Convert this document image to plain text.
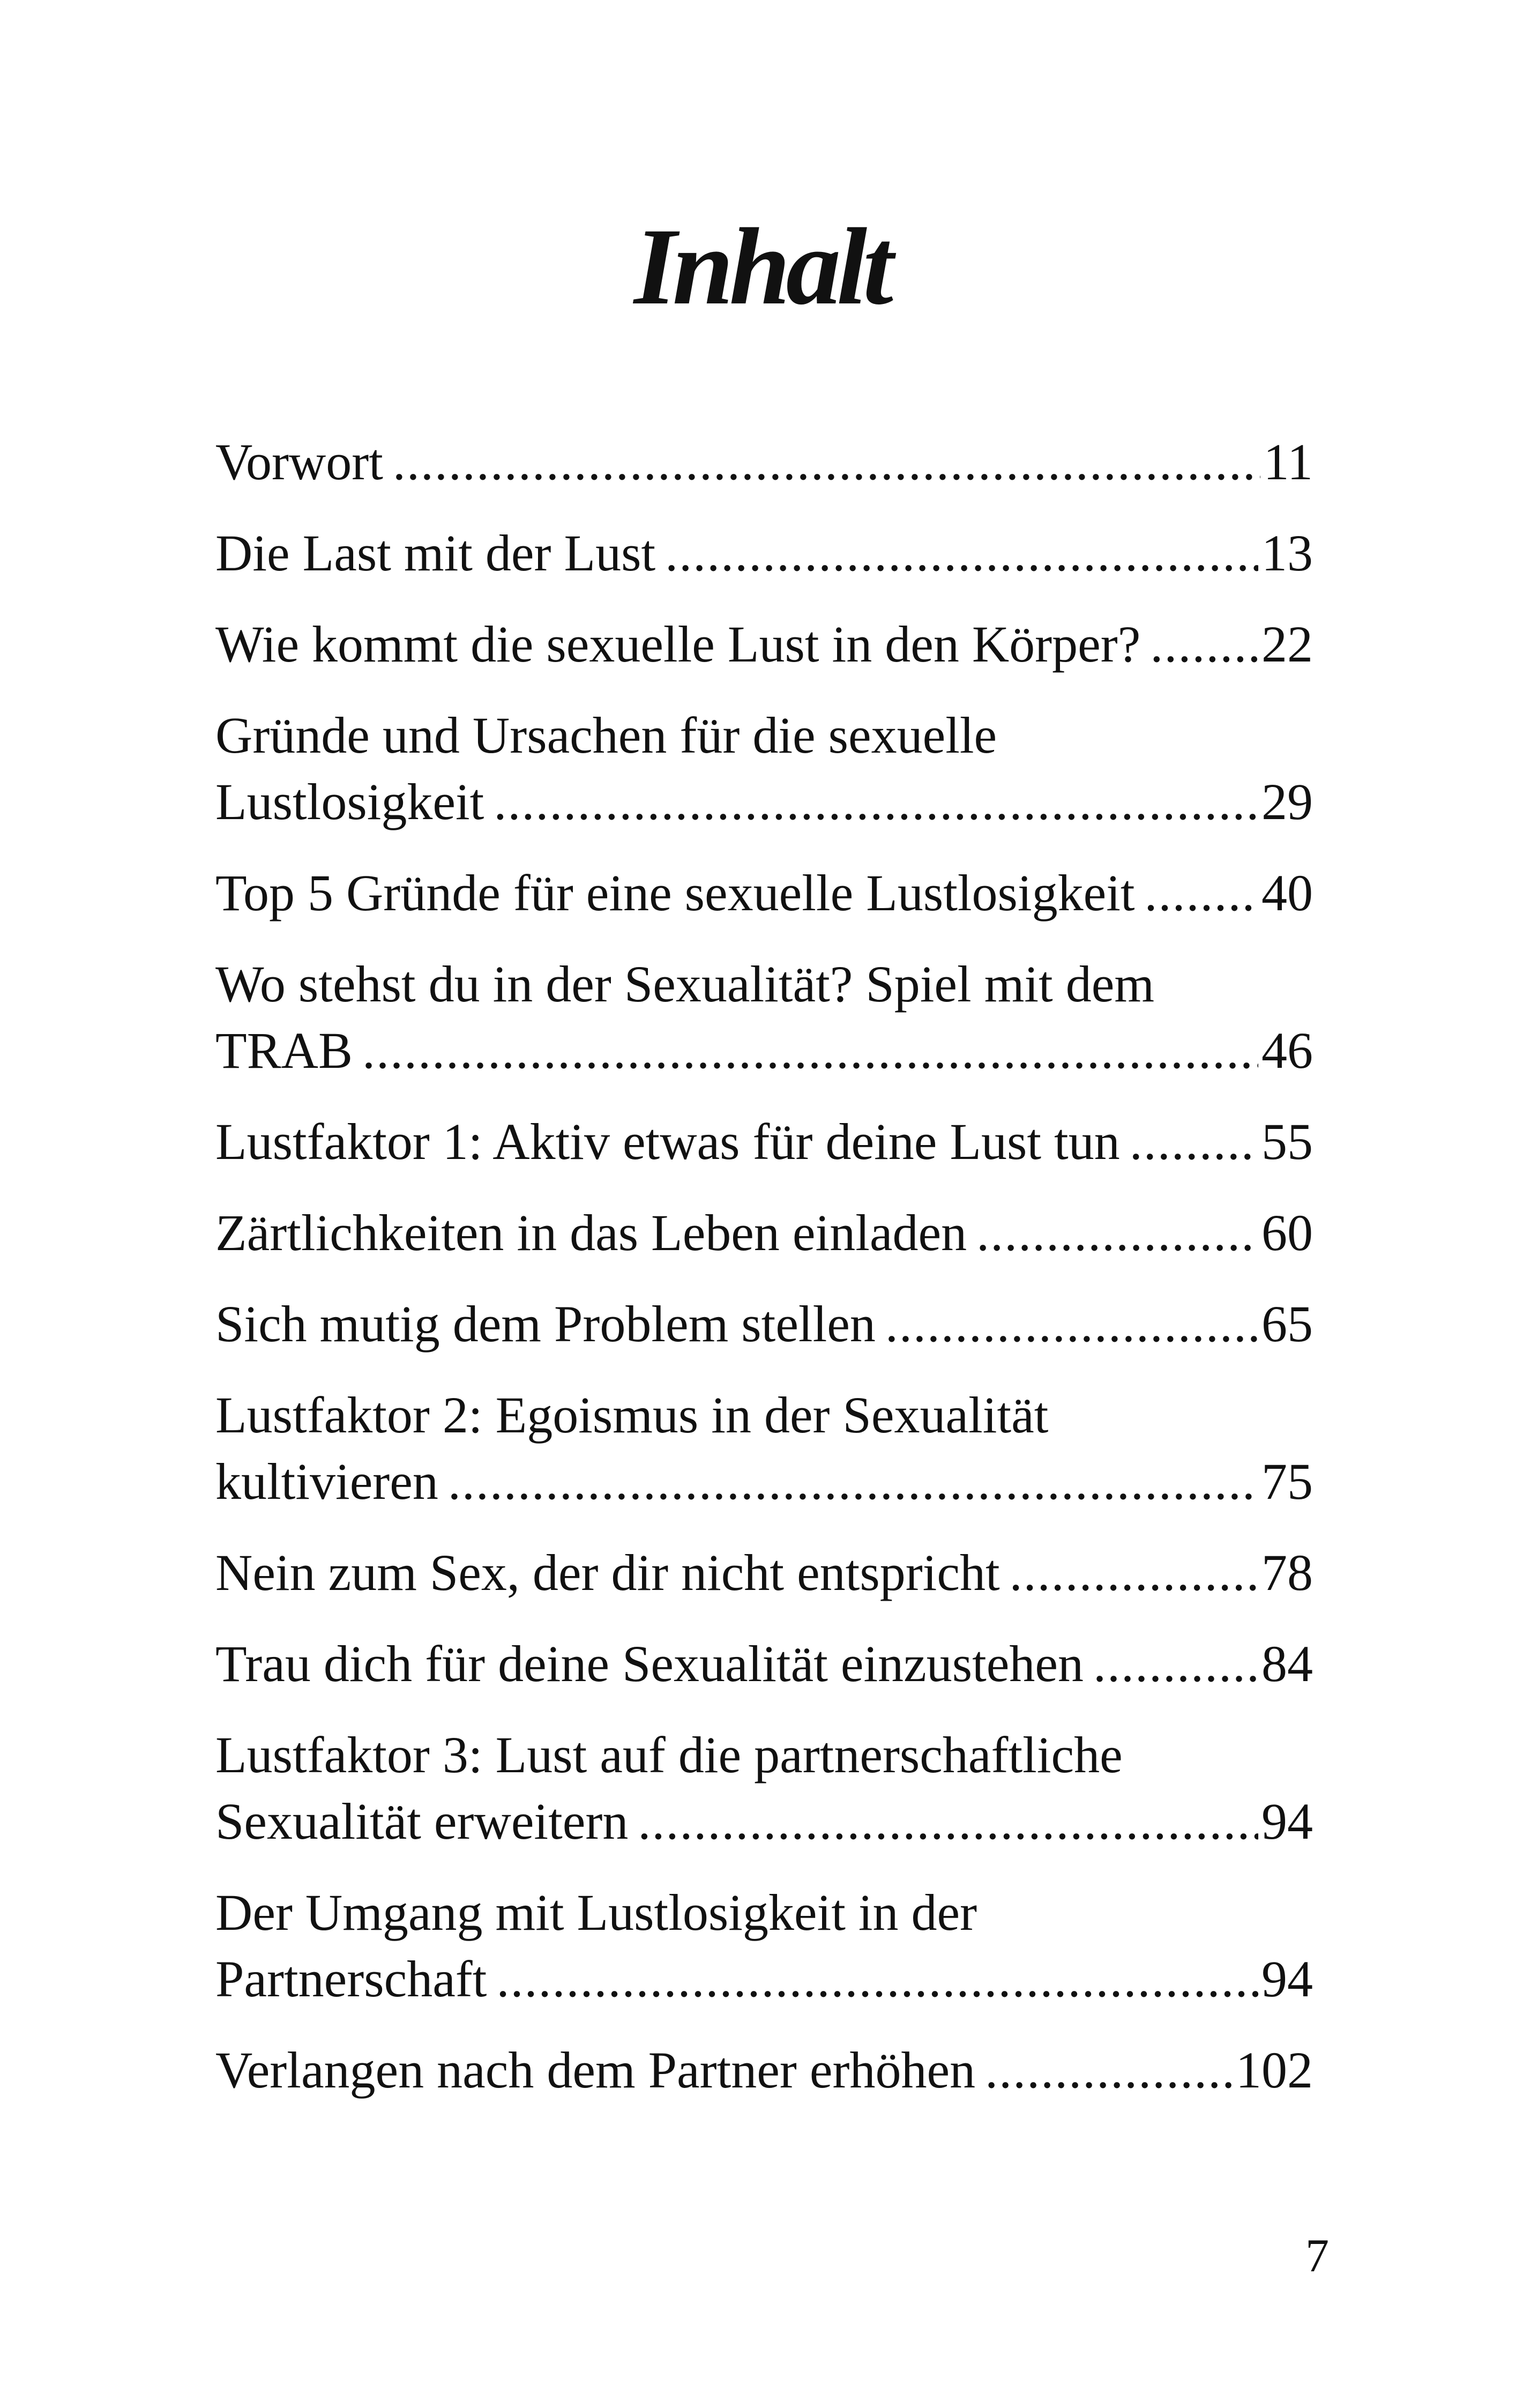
Inhalt
Vorwort .....	11
Die Last mit der Lust .....	13
Wie kommt die sexuelle Lust in den Körper? ..... 22
Gründe und Ursachen für die sexuelle
Lustlosigkeit .....	29
Top 5 Gründe für eine sexuelle Lustlosigkeit ..... 40
Wo stehst du in der Sexualität? Spiel mit dem
TRAB .....	46
Lustfaktor 1: Aktiv etwas für deine Lust tun .....	55
Zärtlichkeiten in das Leben einladen .....	60
Sich mutig dem Problem stellen .....	65
Lustfaktor 2: Egoismus in der Sexualität
kultivieren .....	75
Nein zum Sex, der dir nicht entspricht .....	78
Trau dich für deine Sexualität einzustehen .....	84
Lustfaktor 3: Lust auf die partnerschaftliche
Sexualität erweitern .....	94
Der Umgang mit Lustlosigkeit in der
Partnerschaft .....	94
Verlangen nach dem Partner erhöhen .....	102
7
